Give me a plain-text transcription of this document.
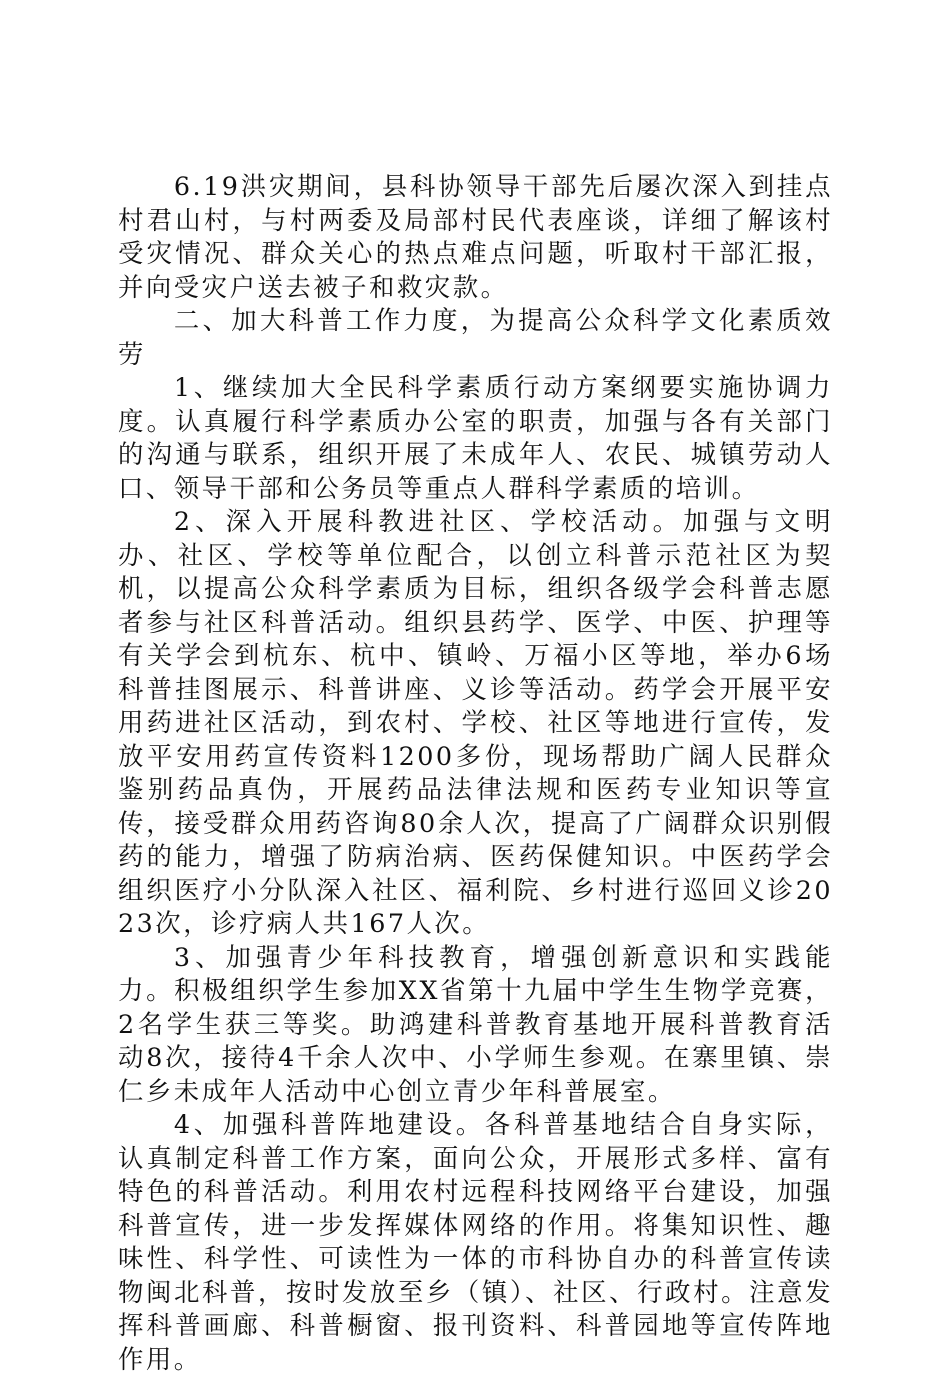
6.19洪灾期间，县科协领导干部先后屡次深入到挂点村君山村，与村两委及局部村民代表座谈，详细了解该村受灾情况、群众关心的热点难点问题，听取村干部汇报，并向受灾户送去被子和救灾款。

二、加大科普工作力度，为提高公众科学文化素质效劳

1、继续加大全民科学素质行动方案纲要实施协调力度。认真履行科学素质办公室的职责，加强与各有关部门的沟通与联系，组织开展了未成年人、农民、城镇劳动人口、领导干部和公务员等重点人群科学素质的培训。

2、深入开展科教进社区、学校活动。加强与文明办、社区、学校等单位配合，以创立科普示范社区为契机，以提高公众科学素质为目标，组织各级学会科普志愿者参与社区科普活动。组织县药学、医学、中医、护理等有关学会到杭东、杭中、镇岭、万福小区等地，举办6场科普挂图展示、科普讲座、义诊等活动。药学会开展平安用药进社区活动，到农村、学校、社区等地进行宣传，发放平安用药宣传资料1200多份，现场帮助广阔人民群众鉴别药品真伪，开展药品法律法规和医药专业知识等宣传，接受群众用药咨询80余人次，提高了广阔群众识别假药的能力，增强了防病治病、医药保健知识。中医药学会组织医疗小分队深入社区、福利院、乡村进行巡回义诊2023次，诊疗病人共167人次。

3、加强青少年科技教育，增强创新意识和实践能力。积极组织学生参加XX省第十九届中学生生物学竞赛，2名学生获三等奖。助鸿建科普教育基地开展科普教育活动8次，接待4千余人次中、小学师生参观。在寨里镇、崇仁乡未成年人活动中心创立青少年科普展室。

4、加强科普阵地建设。各科普基地结合自身实际，认真制定科普工作方案，面向公众，开展形式多样、富有特色的科普活动。利用农村远程科技网络平台建设，加强科普宣传，进一步发挥媒体网络的作用。将集知识性、趣味性、科学性、可读性为一体的市科协自办的科普宣传读物闽北科普，按时发放至乡（镇）、社区、行政村。注意发挥科普画廊、科普橱窗、报刊资料、科普园地等宣传阵地作用。
